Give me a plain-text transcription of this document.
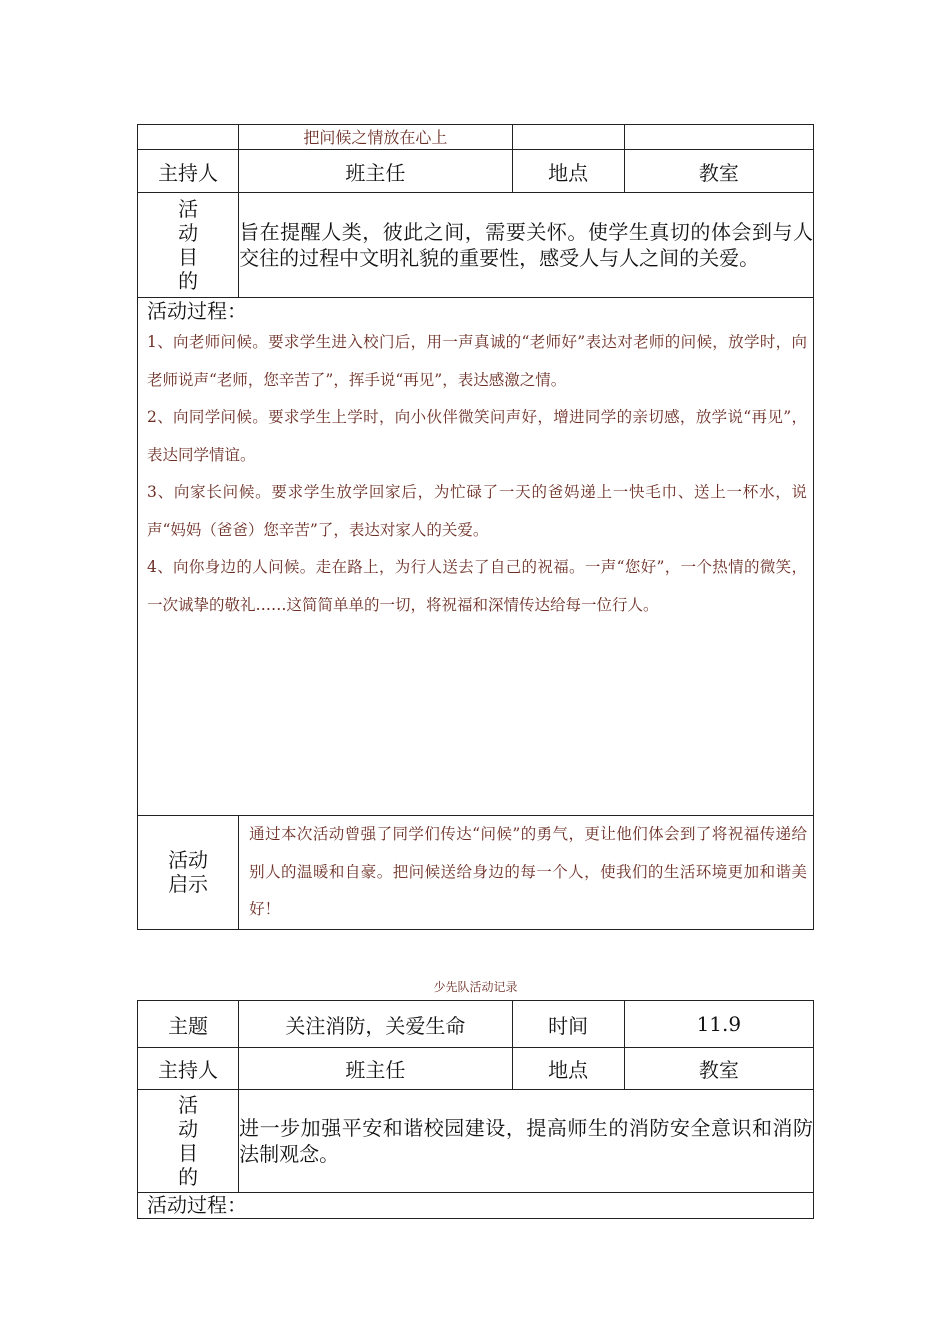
	把问候之情放在心上		
主持人	班主任	地点	教室

活
动
目
的	旨在提醒人类，彼此之间，需要关怀。使学生真切的体会到与人交往的过程中文明礼貌的重要性，感受人与人之间的关爱。		

活动过程：

1、向老师问候。要求学生进入校门后，用一声真诚的“老师好”表达对老师的问候，放学时，向老师说声“老师，您辛苦了”，挥手说“再见”，表达感激之情。

2、向同学问候。要求学生上学时，向小伙伴微笑问声好，增进同学的亲切感，放学说“再见”，表达同学情谊。

3、向家长问候。要求学生放学回家后，为忙碌了一天的爸妈递上一快毛巾、送上一杯水，说声“妈妈（爸爸）您辛苦”了，表达对家人的关爱。

4、向你身边的人问候。走在路上，为行人送去了自己的祝福。一声“您好”，一个热情的微笑，一次诚挚的敬礼……这简简单单的一切，将祝福和深情传达给每一位行人。			

活动
启示	通过本次活动曾强了同学们传达“问候”的勇气，更让他们体会到了将祝福传递给别人的温暖和自豪。把问候送给身边的每一个人，使我们的生活环境更加和谐美好！		
少先队活动记录
主题	关注消防，关爱生命	时间	11.9
主持人	班主任	地点	教室

活
动
目
的	进一步加强平安和谐校园建设，提高师生的消防安全意识和消防法制观念。		

活动过程：			
